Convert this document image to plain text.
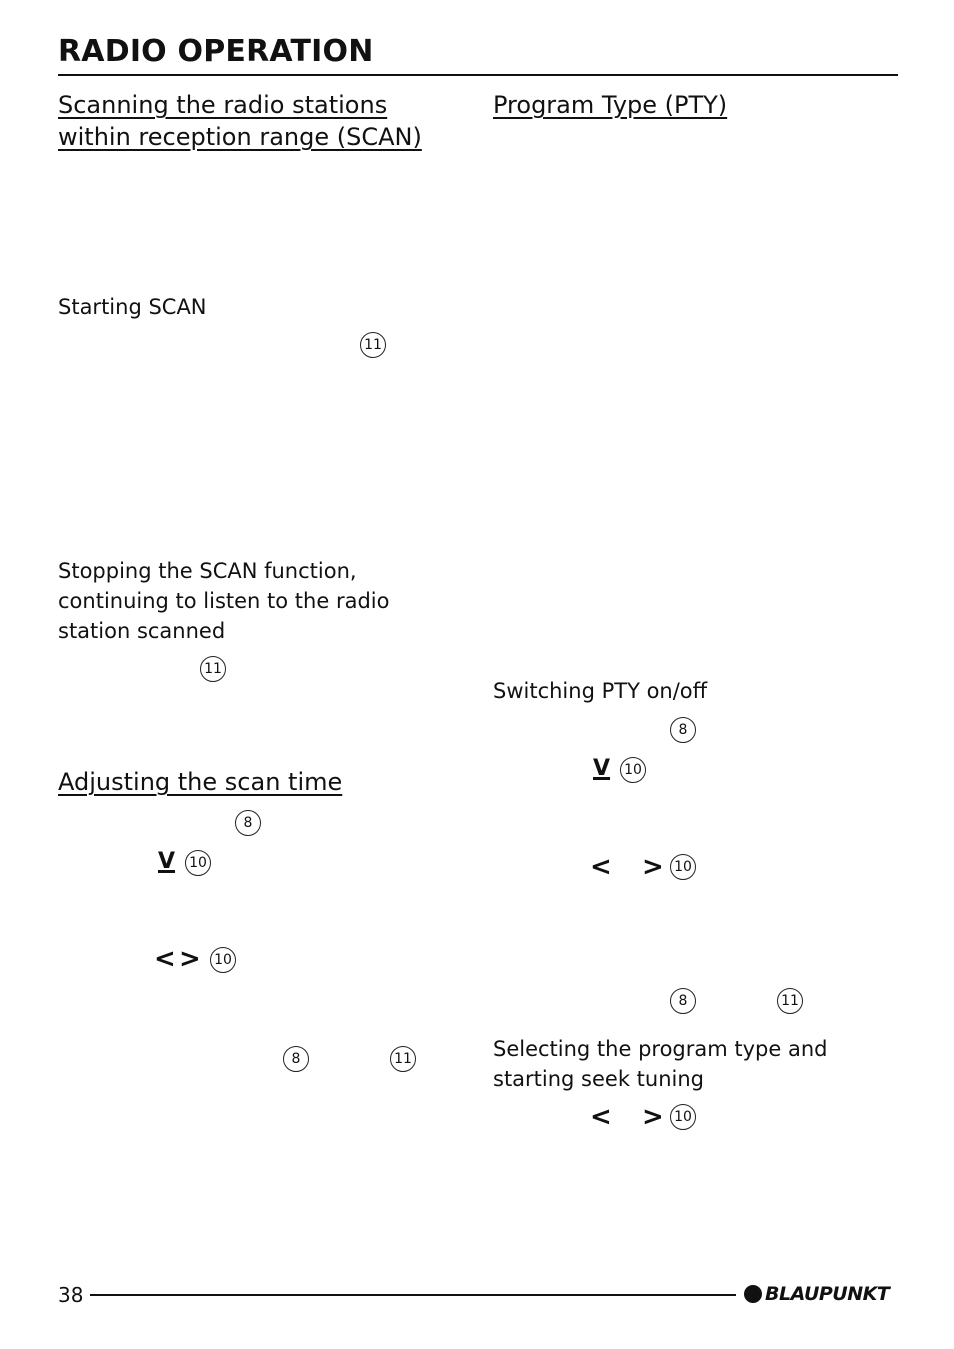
RADIO OPERATION
Scanning the radio stations
within reception range (SCAN)
Starting SCAN
11
Stopping the SCAN function,
continuing to listen to the radio
station scanned
11
Adjusting the scan time
8
V 10
< > 10
8	11
Program Type (PTY)
Switching PTY on/off
8
V 10
< > 10
8	11
Selecting the program type and
starting seek tuning
< > 10
38	BLAUPUNKT
